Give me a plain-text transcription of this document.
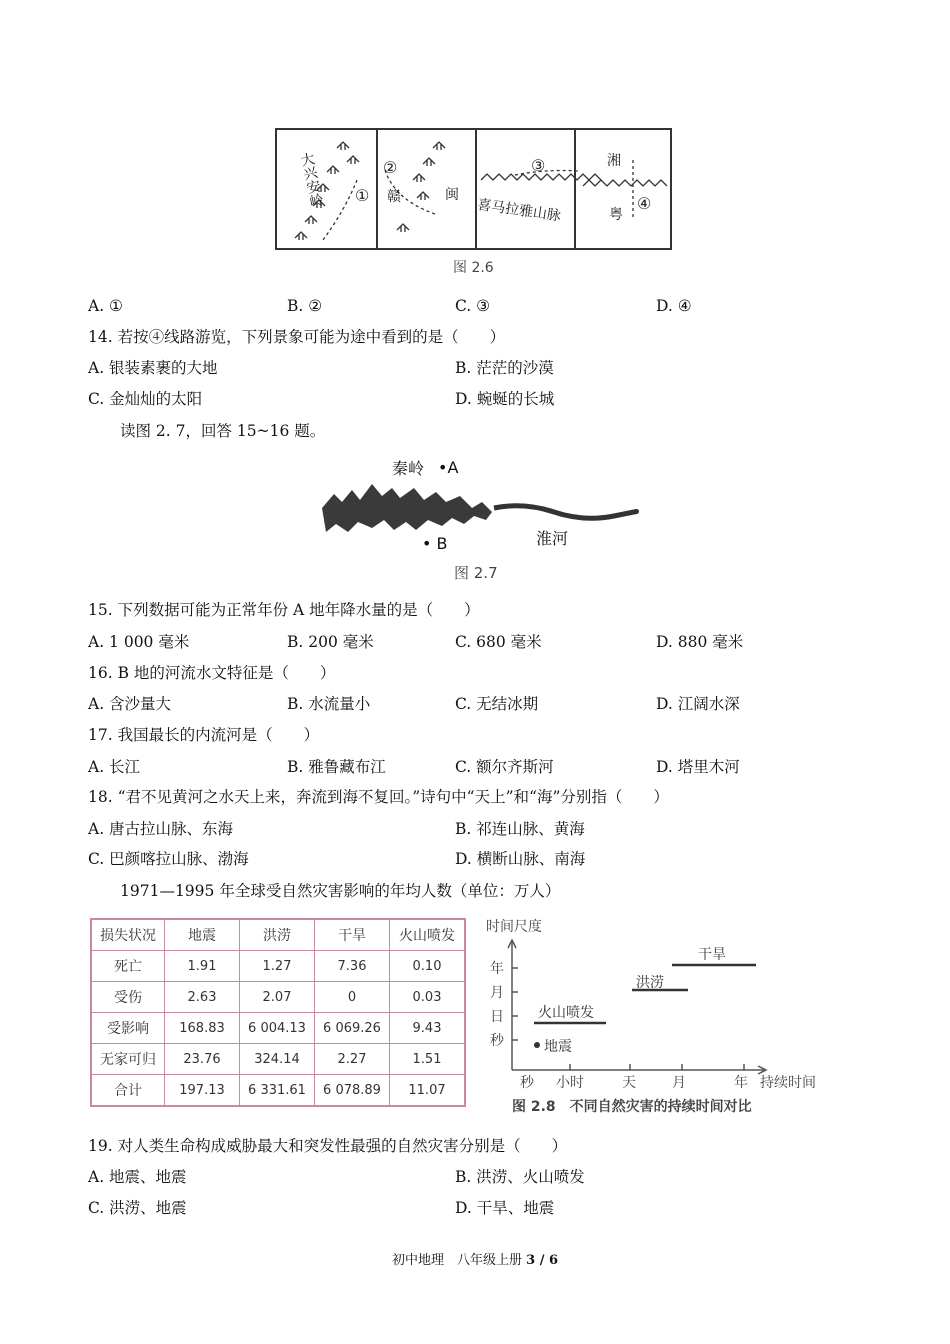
大兴安岭 ①
②
赣	闽
③
喜马拉雅山脉
湘
粤
④
图 2.6
A. ①	B. ②	C. ③	D. ④
14. 若按④线路游览，下列景象可能为途中看到的是（　　）
A. 银装素裹的大地	B. 茫茫的沙漠
C. 金灿灿的太阳	D. 蜿蜒的长城
读图 2. 7，回答 15~16 题。
秦岭 •A
• B	淮河
图 2.7
15. 下列数据可能为正常年份 A 地年降水量的是（　　）
A. 1 000 毫米	B. 200 毫米	C. 680 毫米	D. 880 毫米
16. B 地的河流水文特征是（　　）
A. 含沙量大	B. 水流量小	C. 无结冰期	D. 江阔水深
17. 我国最长的内流河是（　　）
A. 长江	B. 雅鲁藏布江	C. 额尔齐斯河	D. 塔里木河
18. “君不见黄河之水天上来，奔流到海不复回。”诗句中“天上”和“海”分别指（　　）
A. 唐古拉山脉、东海	B. 祁连山脉、黄海
C. 巴颜喀拉山脉、渤海	D. 横断山脉、南海
1971—1995 年全球受自然灾害影响的年均人数（单位：万人）
损失状况	地震	洪涝	干旱	火山喷发
死亡	1.91	1.27	7.36	0.10
受伤	2.63	2.07	0	0.03
受影响	168.83	6 004.13	6 069.26	9.43
无家可归	23.76	324.14	2.27	1.51
合计	197.13	6 331.61	6 078.89	11.07
时间尺度
年
月
日
秒
秒 小时	天	月	年 持续时间
地震
火山喷发
洪涝
干旱
图 2.8　不同自然灾害的持续时间对比
19. 对人类生命构成威胁最大和突发性最强的自然灾害分别是（　　）
A. 地震、地震	B. 洪涝、火山喷发
C. 洪涝、地震	D. 干旱、地震
初中地理　八年级上册 3 / 6
